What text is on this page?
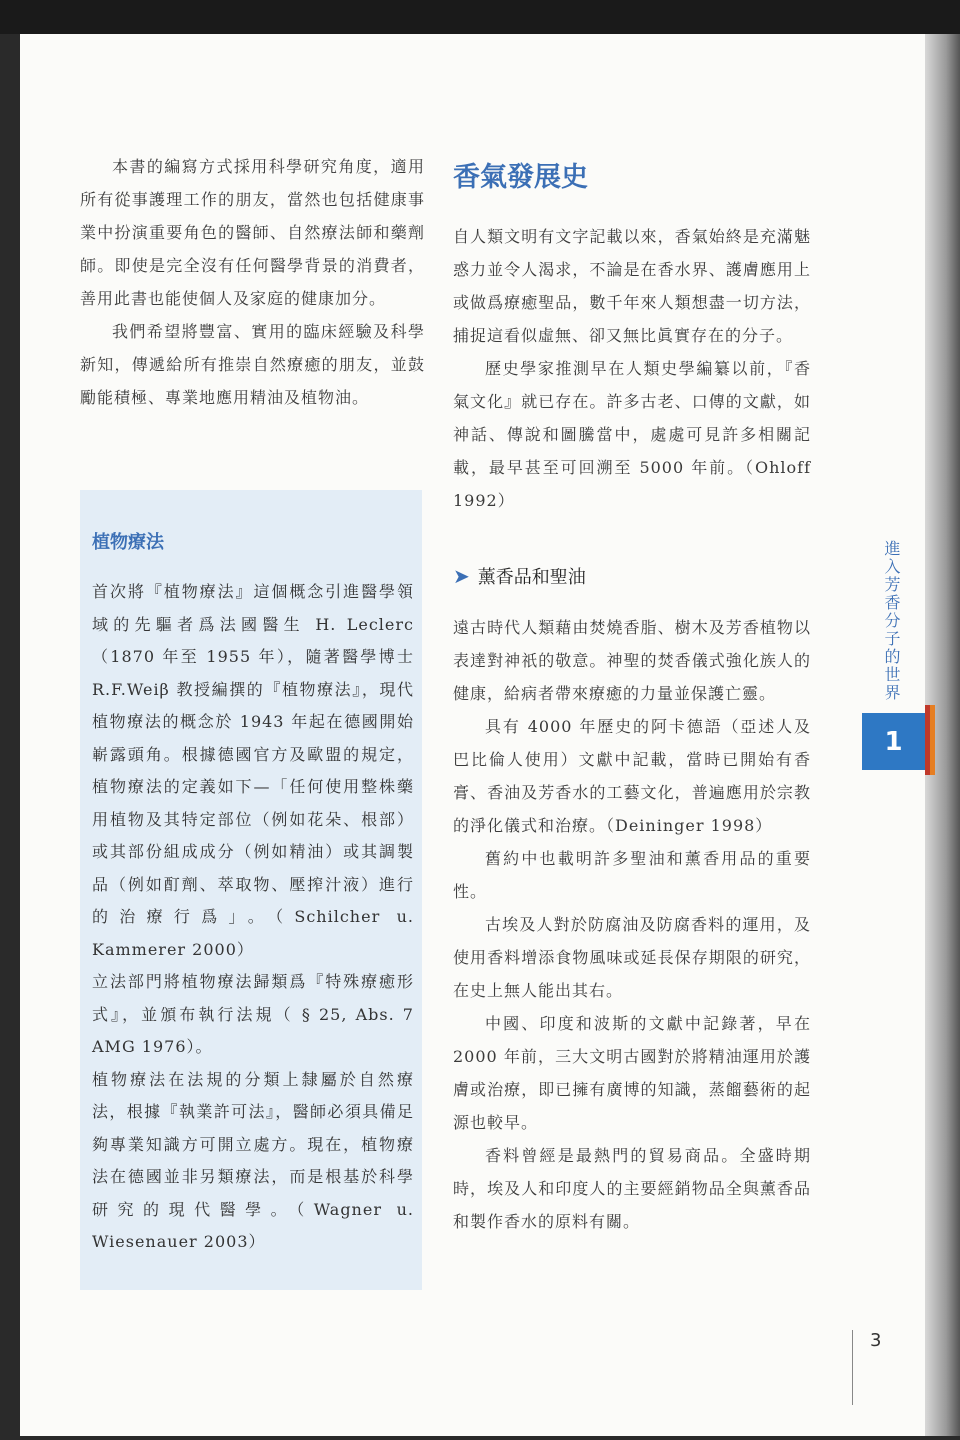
本書的編寫方式採用科學研究角度，適用所有從事護理工作的朋友，當然也包括健康事業中扮演重要角色的醫師、自然療法師和藥劑師。即使是完全沒有任何醫學背景的消費者，善用此書也能使個人及家庭的健康加分。

我們希望將豐富、實用的臨床經驗及科學新知，傳遞給所有推崇自然療癒的朋友，並鼓勵能積極、專業地應用精油及植物油。

植物療法

首次將『植物療法』這個概念引進醫學領域的先驅者爲法國醫生 H. Leclerc （1870 年至 1955 年），隨著醫學博士 R.F.Weiβ 教授編撰的『植物療法』，現代植物療法的概念於 1943 年起在德國開始嶄露頭角。根據德國官方及歐盟的規定，植物療法的定義如下—「任何使用整株藥用植物及其特定部位（例如花朵、根部）或其部份組成成分（例如精油）或其調製品（例如酊劑、萃取物、壓搾汁液）進行的治療行爲」。（Schilcher u. Kammerer 2000）

立法部門將植物療法歸類爲『特殊療癒形式』，並頒布執行法規（ § 25, Abs. 7 AMG 1976）。

植物療法在法規的分類上隸屬於自然療法，根據『執業許可法』，醫師必須具備足夠專業知識方可開立處方。現在，植物療法在德國並非另類療法，而是根基於科學研究的現代醫學。（Wagner u. Wiesenauer 2003）

香氣發展史

自人類文明有文字記載以來，香氣始終是充滿魅惑力並令人渴求，不論是在香水界、護膚應用上或做爲療癒聖品，數千年來人類想盡一切方法，捕捉這看似虛無、卻又無比眞實存在的分子。

歷史學家推測早在人類史學編纂以前，『香氣文化』就已存在。許多古老、口傳的文獻，如神話、傳說和圖騰當中，處處可見許多相關記載，最早甚至可回溯至 5000 年前。（Ohloff 1992）

➤ 薰香品和聖油

遠古時代人類藉由焚燒香脂、樹木及芳香植物以表達對神祇的敬意。神聖的焚香儀式強化族人的健康，給病者帶來療癒的力量並保護亡靈。

具有 4000 年歷史的阿卡德語（亞述人及巴比倫人使用）文獻中記載，當時已開始有香膏、香油及芳香水的工藝文化，普遍應用於宗教的淨化儀式和治療。（Deininger 1998）

舊約中也載明許多聖油和薰香用品的重要性。

古埃及人對於防腐油及防腐香料的運用，及使用香料增添食物風味或延長保存期限的研究，在史上無人能出其右。

中國、印度和波斯的文獻中記錄著，早在 2000 年前，三大文明古國對於將精油運用於護膚或治療，即已擁有廣博的知識，蒸餾藝術的起源也較早。

香料曾經是最熱門的貿易商品。全盛時期時，埃及人和印度人的主要經銷物品全與薰香品和製作香水的原料有關。

進入芳香分子的世界
1
3
